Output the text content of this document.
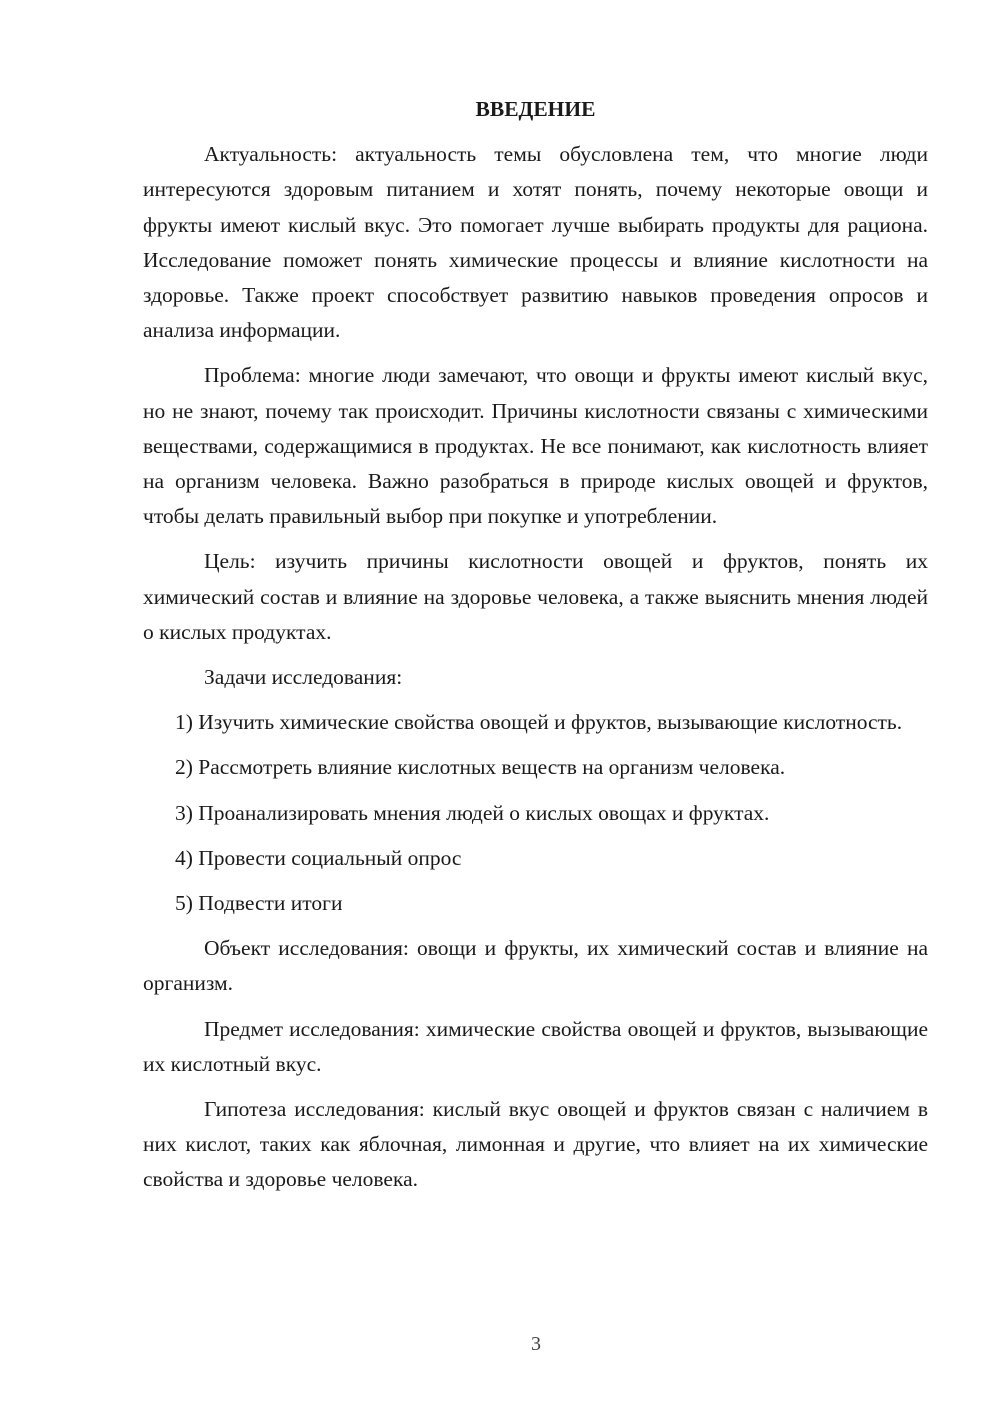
ВВЕДЕНИЕ

Актуальность: актуальность темы обусловлена тем, что многие люди интересуются здоровым питанием и хотят понять, почему некоторые овощи и фрукты имеют кислый вкус. Это помогает лучше выбирать продукты для рациона. Исследование поможет понять химические процессы и влияние кислотности на здоровье. Также проект способствует развитию навыков проведения опросов и анализа информации.

Проблема: многие люди замечают, что овощи и фрукты имеют кислый вкус, но не знают, почему так происходит. Причины кислотности связаны с химическими веществами, содержащимися в продуктах. Не все понимают, как кислотность влияет на организм человека. Важно разобраться в природе кислых овощей и фруктов, чтобы делать правильный выбор при покупке и употреблении.

Цель: изучить причины кислотности овощей и фруктов, понять их химический состав и влияние на здоровье человека, а также выяснить мнения людей о кислых продуктах.

Задачи исследования:

1) Изучить химические свойства овощей и фруктов, вызывающие кислотность.

2) Рассмотреть влияние кислотных веществ на организм человека.

3) Проанализировать мнения людей о кислых овощах и фруктах.

4) Провести социальный опрос

5) Подвести итоги

Объект исследования: овощи и фрукты, их химический состав и влияние на организм.

Предмет исследования: химические свойства овощей и фруктов, вызывающие их кислотный вкус.

Гипотеза исследования: кислый вкус овощей и фруктов связан с наличием в них кислот, таких как яблочная, лимонная и другие, что влияет на их химические свойства и здоровье человека.

3
